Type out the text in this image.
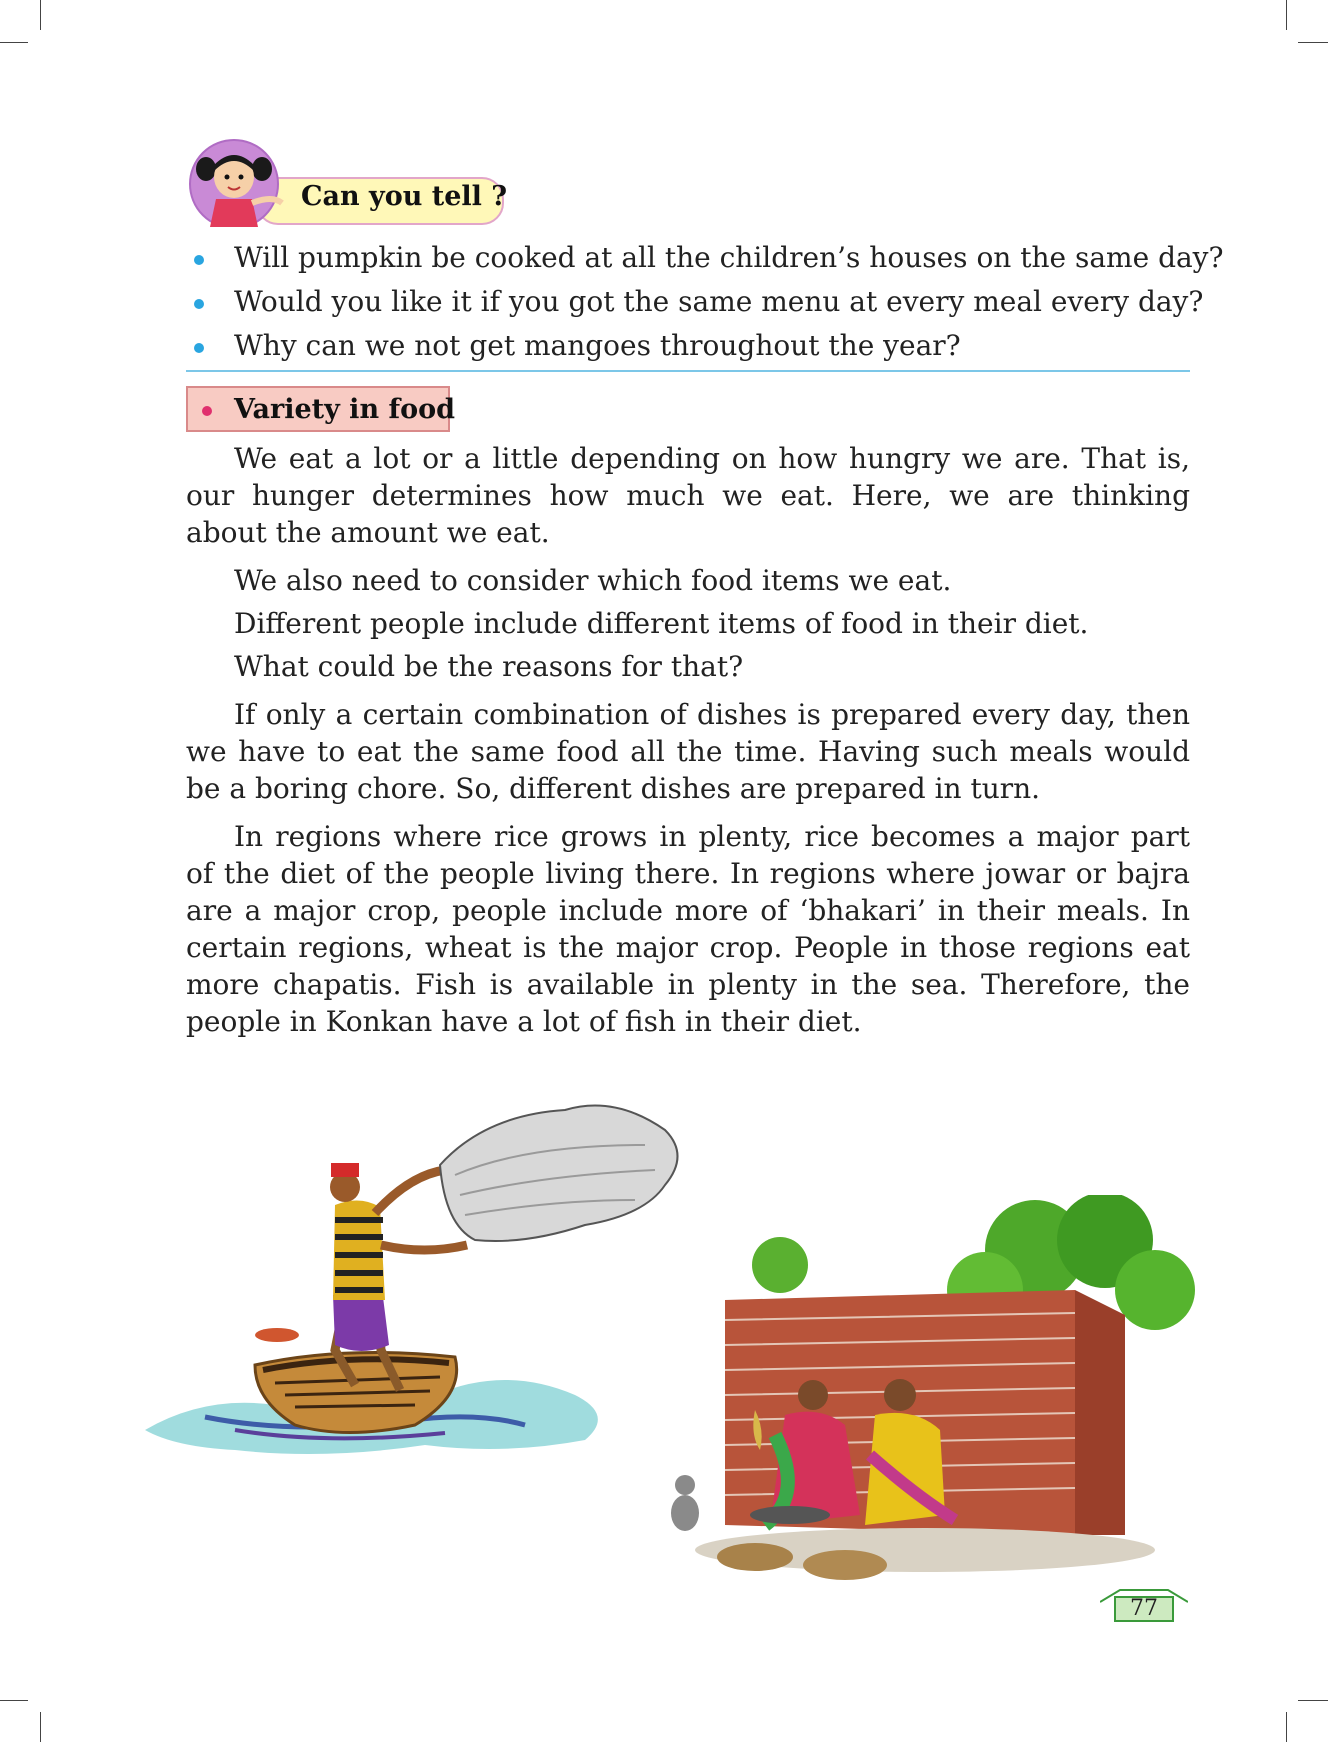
Can you tell ?
Will pumpkin be cooked at all the children’s houses on the same day?
Would you like it if you got the same menu at every meal every day?
Why can we not get mangoes throughout the year?
Variety in food

We eat a lot or a little depending on how hungry we are. That is, our hunger determines how much we eat. Here, we are thinking about the amount we eat.

We also need to consider which food items we eat.

Different people include different items of food in their diet.

What could be the reasons for that?

If only a certain combination of dishes is prepared every day, then we have to eat the same food all the time. Having such meals would be a boring chore. So, different dishes are prepared in turn.

In regions where rice grows in plenty, rice becomes a major part of the diet of the people living there. In regions where jowar or bajra are a major crop, people include more of ‘bhakari’ in their meals. In certain regions, wheat is the major crop. People in those regions eat more chapatis. Fish is available in plenty in the sea. Therefore, the people in Konkan have a lot of fish in their diet.

77
